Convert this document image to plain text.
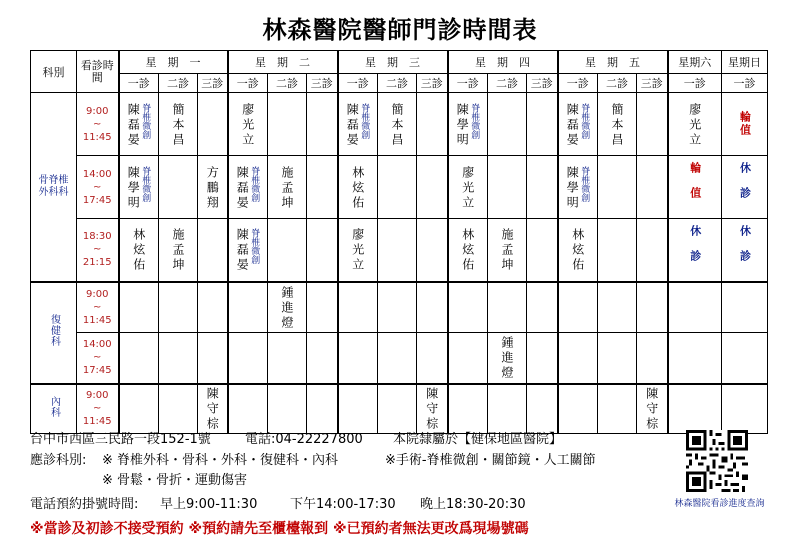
林森醫院醫師門診時間表
科別	看診時間	星　期　一			星　期　二			星　期　三			星　期　四			星　期　五			星期六	星期日
		一診	二診	三診	一診	二診	三診	一診	二診	三診	一診	二診	三診	一診	二診	三診	一診	一診
骨脊椎外科科	9:00
~
11:45	陳磊晏 脊椎微創	簡本昌		廖光立			陳磊晏 脊椎微創	簡本昌		陳學明 脊椎微創			陳磊晏 脊椎微創	簡本昌		廖光立	輪值

	14:00
~
17:45	陳學明 脊椎微創		方鵬翔	陳磊晏 脊椎微創	施孟坤		林炫佑			廖光立			陳學明 脊椎微創			輪值	休診

	18:30
~
21:15	林炫佑	施孟坤		陳磊晏 脊椎微創			廖光立			林炫佑	施孟坤		林炫佑			休診	休診

復健科	9:00
~
11:45					鍾進燈												

	14:00
~
17:45											鍾進燈						

內科	9:00
~
11:45			陳守棕						陳守棕						陳守棕		

台中市西區三民路一段152-1號	電話:04-22227800 本院隸屬於【健保地區醫院】
應診科別: ※ 脊椎外科・骨科・外科・復健科・內科	※手術-脊椎微創・關節鏡・人工關節
※ 骨鬆・骨折・運動傷害
電話預約掛號時間: 早上9:00-11:30	下午14:00-17:30 晚上18:30-20:30
※當診及初診不接受預約 ※預約請先至櫃檯報到 ※已預約者無法更改爲現場號碼
林森醫院看診進度查詢
